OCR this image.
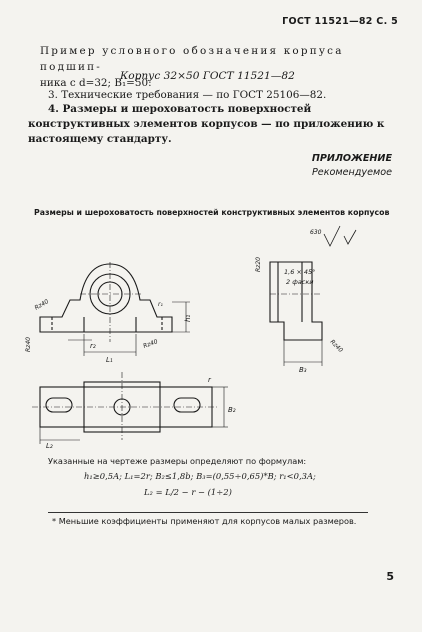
ГОСТ 11521—82 С. 5
Пример условного обозначения корпуса подшип-
ника с d=32; B₁=50:
Корпус 32×50 ГОСТ 11521—82
3. Технические требования — по ГОСТ 25106—82.
4. Размеры и шероховатость поверхностей конструктивных элементов корпусов — по приложению к настоящему стандарту.
ПРИЛОЖЕНИЕ
Рекомендуемое
Размеры и шероховатость поверхностей конструктивных элементов корпусов
Rz40
Rz40
r₁
h₁
r₂	Rz40
L₁
r
B₂
L₂
Rz20
Rz40
B₃
630
1,6 × 45°
2 фаски
Указанные на чертеже размеры определяют по формулам:
h₁≥0,5A; L₁=2r; B₂≤1,8b; B₃=(0,55÷0,65)*B; r₁<0,3A;
L₂ = L/2 − r − (1÷2)
* Меньшие коэффициенты применяют для корпусов малых размеров.
5
